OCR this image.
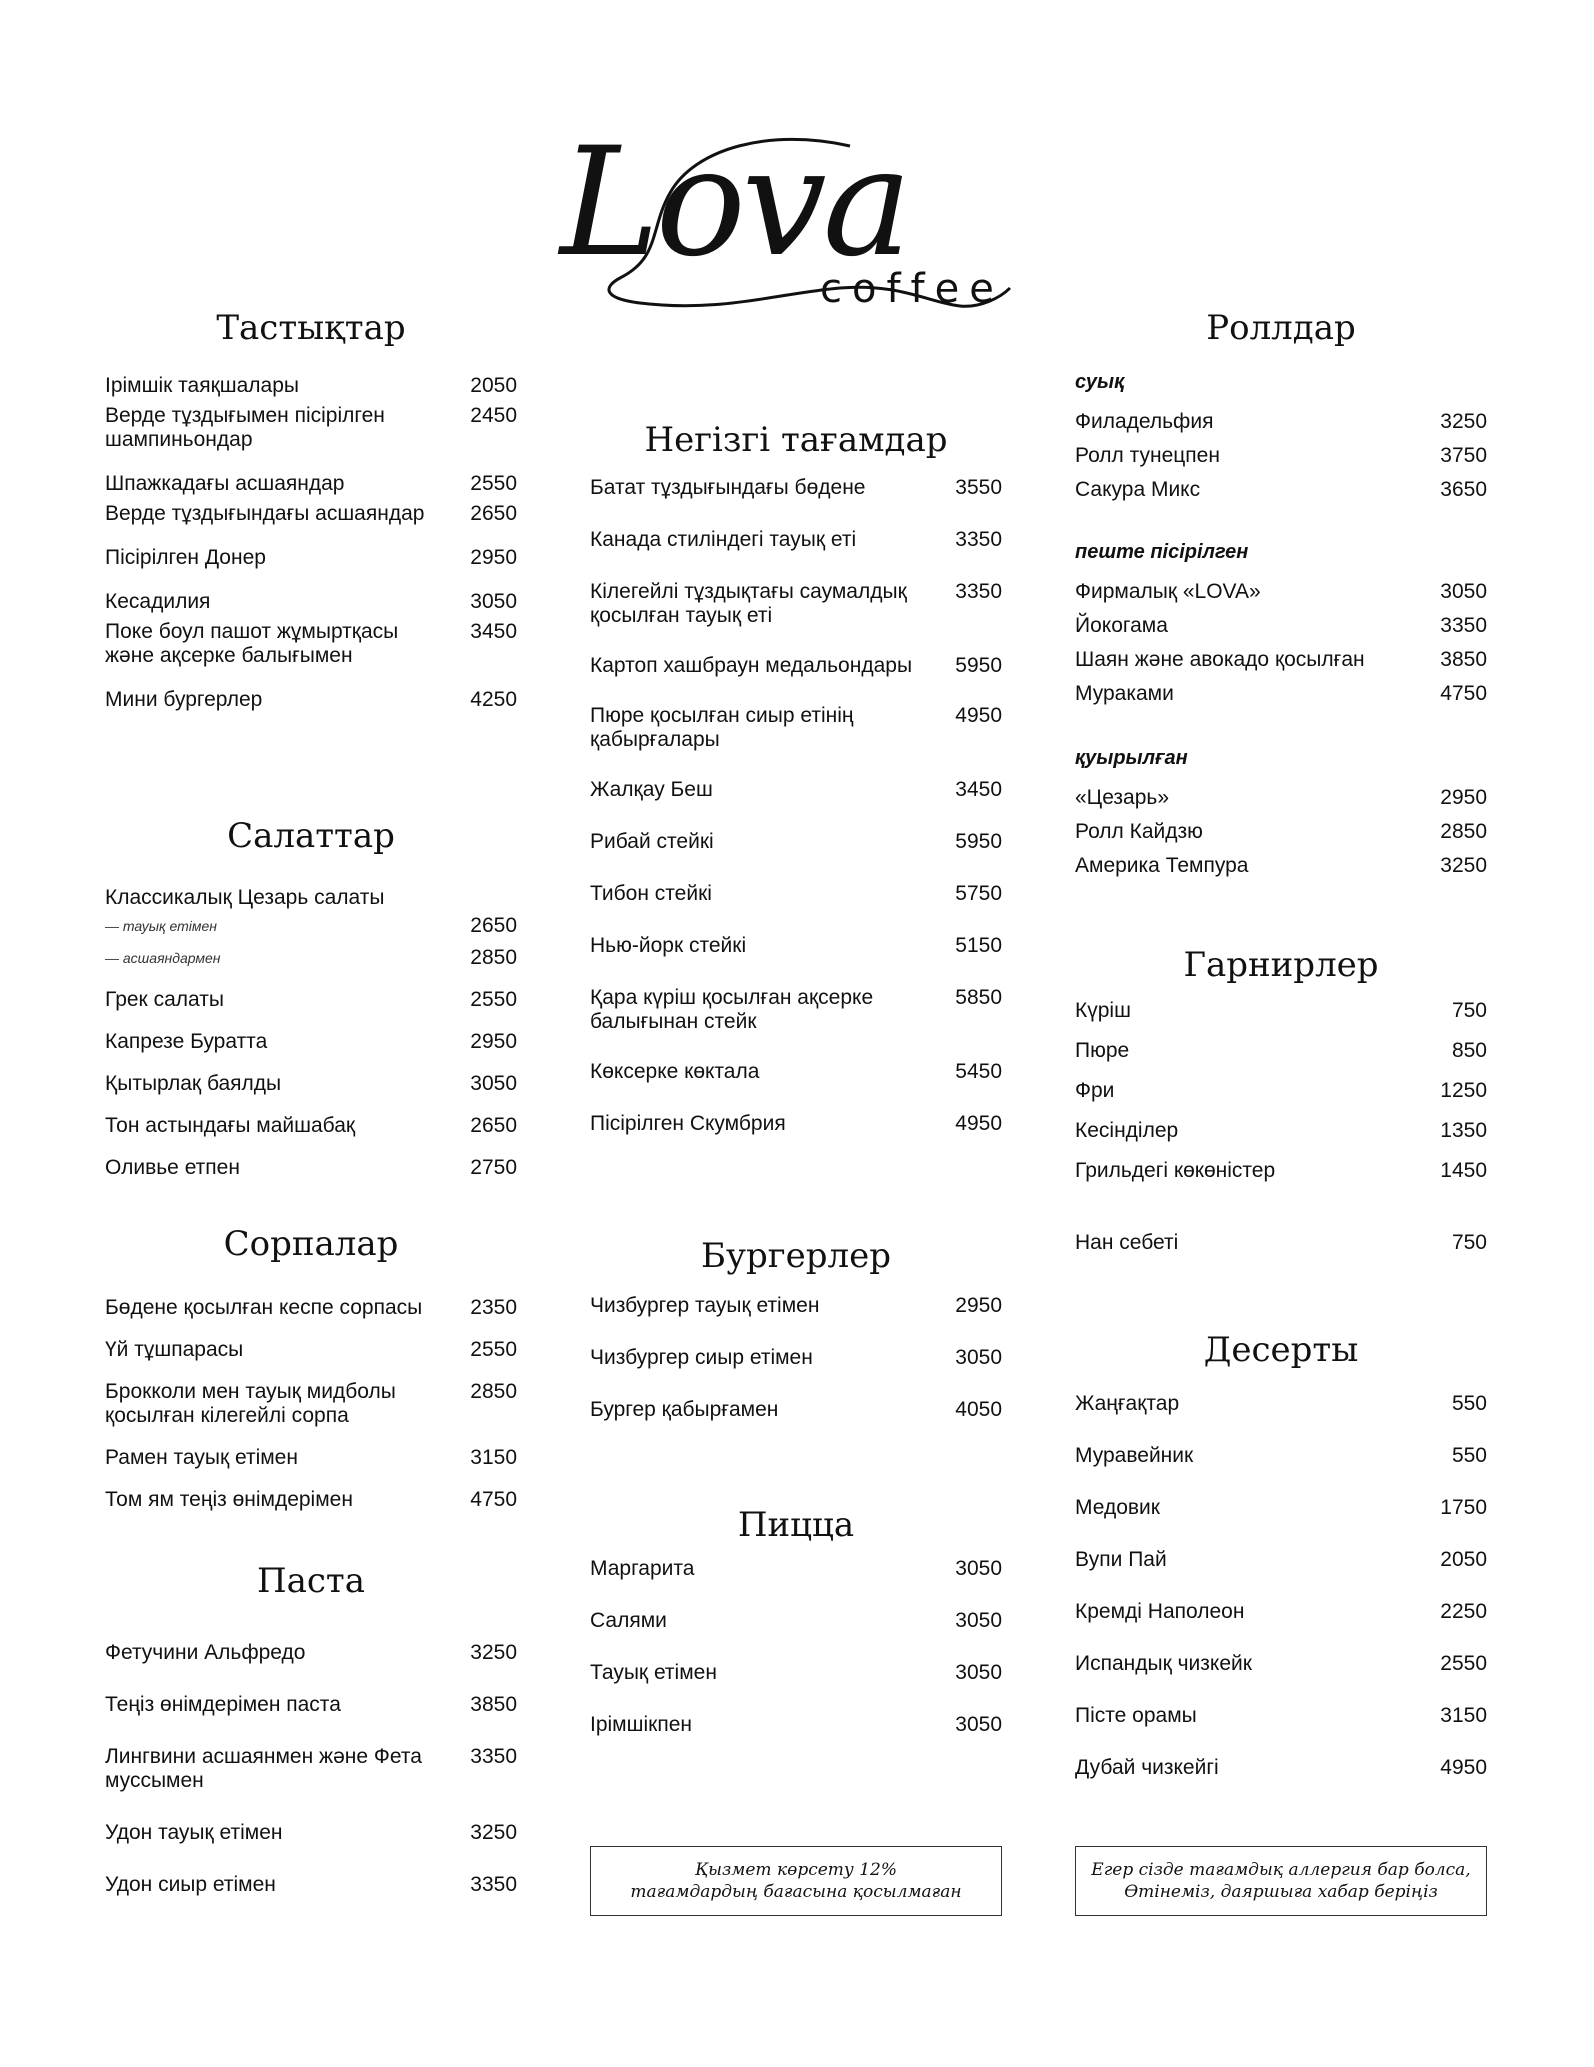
Lova
coffee
Тастықтар
Ірімшік таяқшалары	2050
Верде тұздығымен пісірілген шампиньондар
2450
Шпажкадағы асшаяндар	2550
Верде тұздығындағы асшаяндар	2650
Пісірілген Донер	2950
Кесадилия	3050
Поке боул пашот жұмыртқасы және ақсерке балығымен
3450
Мини бургерлер	4250
Салаттар
Классикалық Цезарь салаты
— тауық етімен	2650
— асшаяндармен	2850
Грек салаты	2550
Капрезе Буратта	2950
Қытырлақ баялды	3050
Тон астындағы майшабақ	2650
Оливье етпен	2750
Сорпалар
Бөдене қосылған кеспе сорпасы	2350
Үй тұшпарасы	2550
Брокколи мен тауық мидболы қосылған кілегейлі сорпа
2850
Рамен тауық етімен	3150
Том ям теңіз өнімдерімен	4750
Паста
Фетучини Альфредо	3250
Теңіз өнімдерімен паста	3850
Лингвини асшаянмен және Фета муссымен
3350
Удон тауық етімен	3250
Удон сиыр етімен	3350
Негізгі тағамдар
Батат тұздығындағы бөдене	3550
Канада стиліндегі тауық еті	3350
Кілегейлі тұздықтағы саумалдық қосылған тауық еті
3350
Картоп хашбраун медальондары	5950
Пюре қосылған сиыр етінің қабырғалары
4950
Жалқау Беш	3450
Рибай стейкі	5950
Тибон стейкі	5750
Нью-йорк стейкі	5150
Қара күріш қосылған ақсерке балығынан стейк
5850
Көксерке көктала	5450
Пісірілген Скумбрия	4950
Бургерлер
Чизбургер тауық етімен	2950
Чизбургер сиыр етімен	3050
Бургер қабырғамен	4050
Пицца
Маргарита	3050
Салями	3050
Тауық етімен	3050
Ірімшікпен	3050
Роллдар
суық
Филадельфия	3250
Ролл тунецпен	3750
Сакура Микс	3650
пеште пісірілген
Фирмалық «LOVA»	3050
Йокогама	3350
Шаян және авокадо қосылған	3850
Мураками	4750
қуырылған
«Цезарь»	2950
Ролл Кайдзю	2850
Америка Темпура	3250
Гарнирлер
Күріш	750
Пюре	850
Фри	1250
Кесінділер	1350
Грильдегі көкөністер	1450
Нан себеті	750
Десерты
Жаңғақтар	550
Муравейник	550
Медовик	1750
Вупи Пай	2050
Кремді Наполеон	2250
Испандық чизкейк	2550
Пісте орамы	3150
Дубай чизкейгі	4950
Қызмет көрсету 12%
тағамдардың бағасына қосылмаған
Егер сізде тағамдық аллергия бар болса,
Өтінеміз, даяршыға хабар беріңіз
